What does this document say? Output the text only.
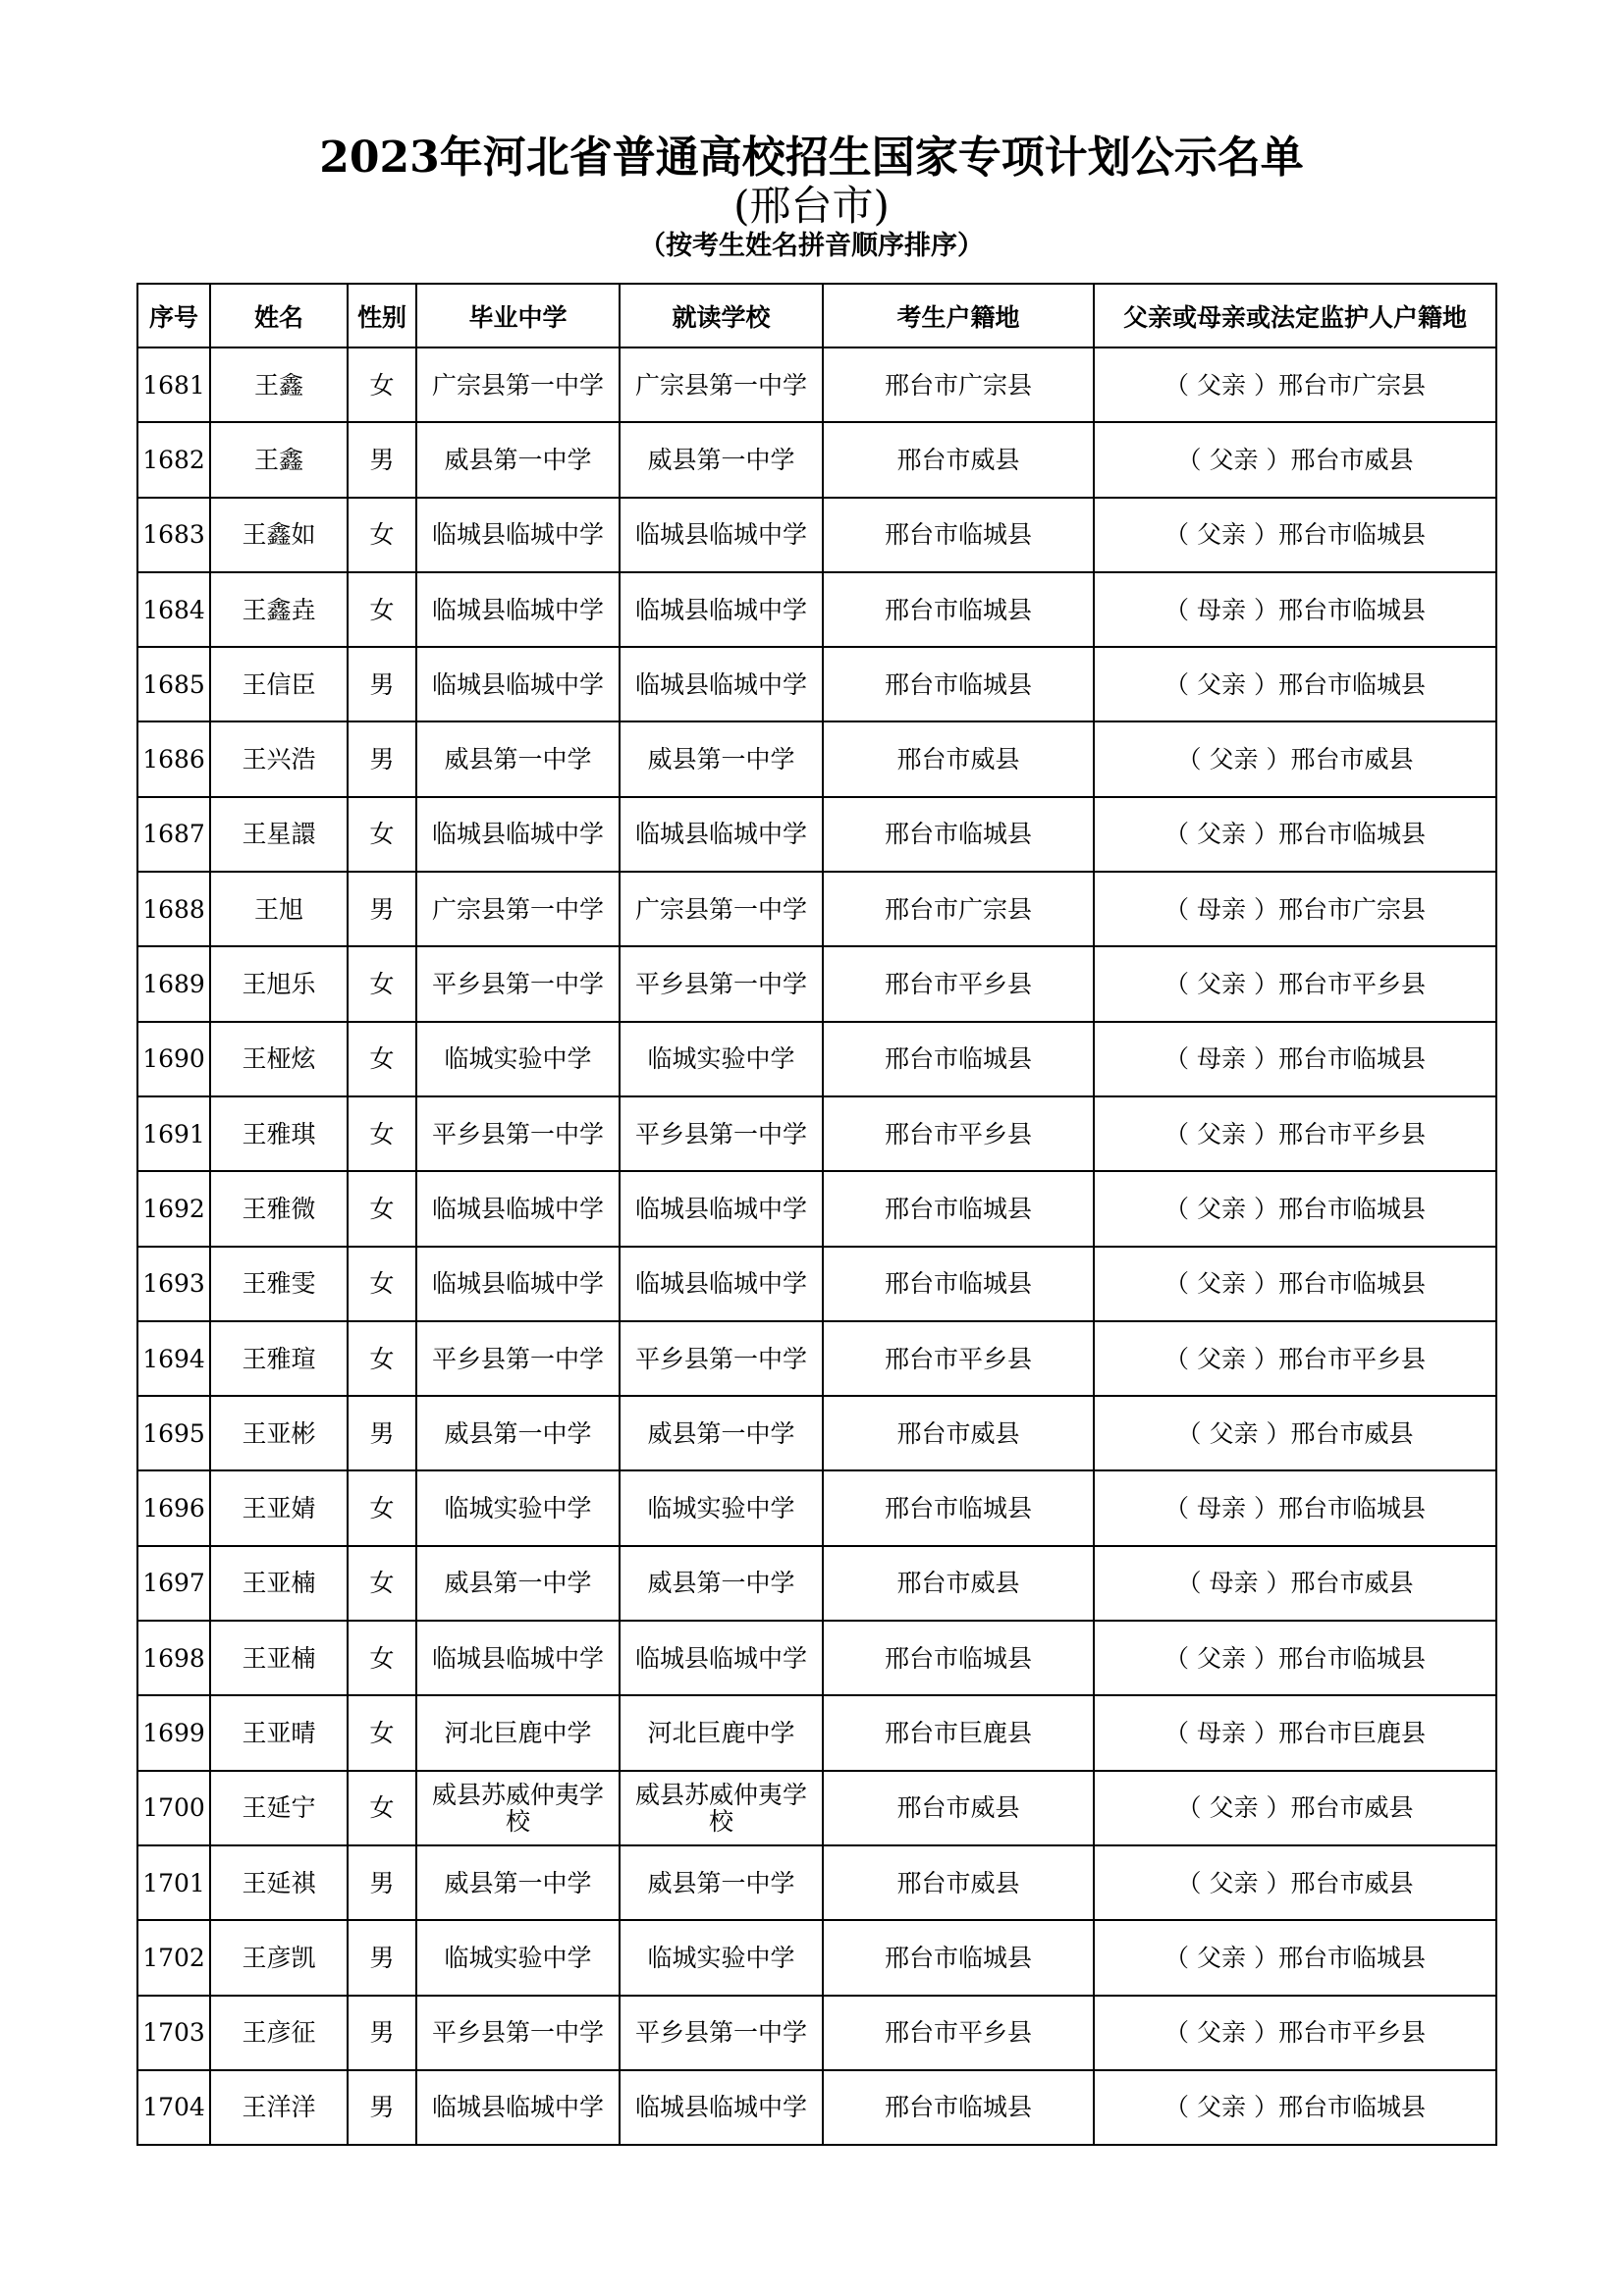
2023年河北省普通高校招生国家专项计划公示名单
(邢台市)
（按考生姓名拼音顺序排序）
序号	姓名	性别	毕业中学	就读学校	考生户籍地	父亲或母亲或法定监护人户籍地
1681	王鑫	女	广宗县第一中学	广宗县第一中学	邢台市广宗县	（ 父亲 ）邢台市广宗县
1682	王鑫	男	威县第一中学	威县第一中学	邢台市威县	（ 父亲 ）邢台市威县
1683	王鑫如	女	临城县临城中学	临城县临城中学	邢台市临城县	（ 父亲 ）邢台市临城县
1684	王鑫垚	女	临城县临城中学	临城县临城中学	邢台市临城县	（ 母亲 ）邢台市临城县
1685	王信臣	男	临城县临城中学	临城县临城中学	邢台市临城县	（ 父亲 ）邢台市临城县
1686	王兴浩	男	威县第一中学	威县第一中学	邢台市威县	（ 父亲 ）邢台市威县
1687	王星譞	女	临城县临城中学	临城县临城中学	邢台市临城县	（ 父亲 ）邢台市临城县
1688	王旭	男	广宗县第一中学	广宗县第一中学	邢台市广宗县	（ 母亲 ）邢台市广宗县
1689	王旭乐	女	平乡县第一中学	平乡县第一中学	邢台市平乡县	（ 父亲 ）邢台市平乡县
1690	王桠炫	女	临城实验中学	临城实验中学	邢台市临城县	（ 母亲 ）邢台市临城县
1691	王雅琪	女	平乡县第一中学	平乡县第一中学	邢台市平乡县	（ 父亲 ）邢台市平乡县
1692	王雅微	女	临城县临城中学	临城县临城中学	邢台市临城县	（ 父亲 ）邢台市临城县
1693	王雅雯	女	临城县临城中学	临城县临城中学	邢台市临城县	（ 父亲 ）邢台市临城县
1694	王雅瑄	女	平乡县第一中学	平乡县第一中学	邢台市平乡县	（ 父亲 ）邢台市平乡县
1695	王亚彬	男	威县第一中学	威县第一中学	邢台市威县	（ 父亲 ）邢台市威县
1696	王亚婧	女	临城实验中学	临城实验中学	邢台市临城县	（ 母亲 ）邢台市临城县
1697	王亚楠	女	威县第一中学	威县第一中学	邢台市威县	（ 母亲 ）邢台市威县
1698	王亚楠	女	临城县临城中学	临城县临城中学	邢台市临城县	（ 父亲 ）邢台市临城县
1699	王亚晴	女	河北巨鹿中学	河北巨鹿中学	邢台市巨鹿县	（ 母亲 ）邢台市巨鹿县
1700	王延宁	女	威县苏威仲夷学校	威县苏威仲夷学校	邢台市威县	（ 父亲 ）邢台市威县
1701	王延祺	男	威县第一中学	威县第一中学	邢台市威县	（ 父亲 ）邢台市威县
1702	王彦凯	男	临城实验中学	临城实验中学	邢台市临城县	（ 父亲 ）邢台市临城县
1703	王彦征	男	平乡县第一中学	平乡县第一中学	邢台市平乡县	（ 父亲 ）邢台市平乡县
1704	王洋洋	男	临城县临城中学	临城县临城中学	邢台市临城县	（ 父亲 ）邢台市临城县
